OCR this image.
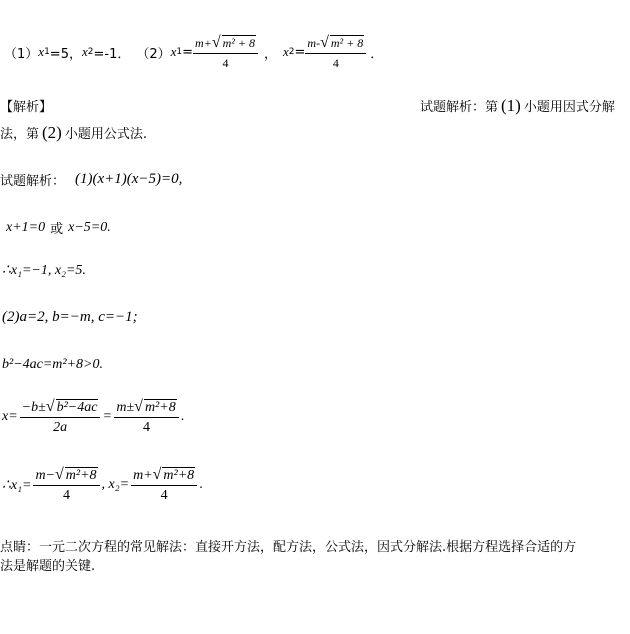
（1） x 1 =5， x 2 =-1． （2） x $1 = \frac{\text{m+√ m² + 8}}{4}$ ， x $2 = \frac{\text{m-√ m² + 8}}{4}$ ．
【解析】	试题解析：第 (1) 小题用因式分解
法，第 (2) 小题用公式法.
试题解析： (1)(x+1)(x−5)=0,
x+1=0 或 x−5=0.
∴x₁=−1, x₂=5.
(2)a=2, b=−m, c=−1;
b²−4ac=m²+8>0.
$x= \frac{\text{−b±√ b²−4ac}}{2a} = \frac{\text{m±√ m²+8}}{4}$ .
∴x₁= $\frac{\text{m−√ m²+8}}{4}$ , $x_2= \frac{\text{m+√ m²+8}}{4}$ .
点睛：一元二次方程的常见解法：直接开方法，配方法，公式法，因式分解法.根据方程选择合适的方
法是解题的关键.
